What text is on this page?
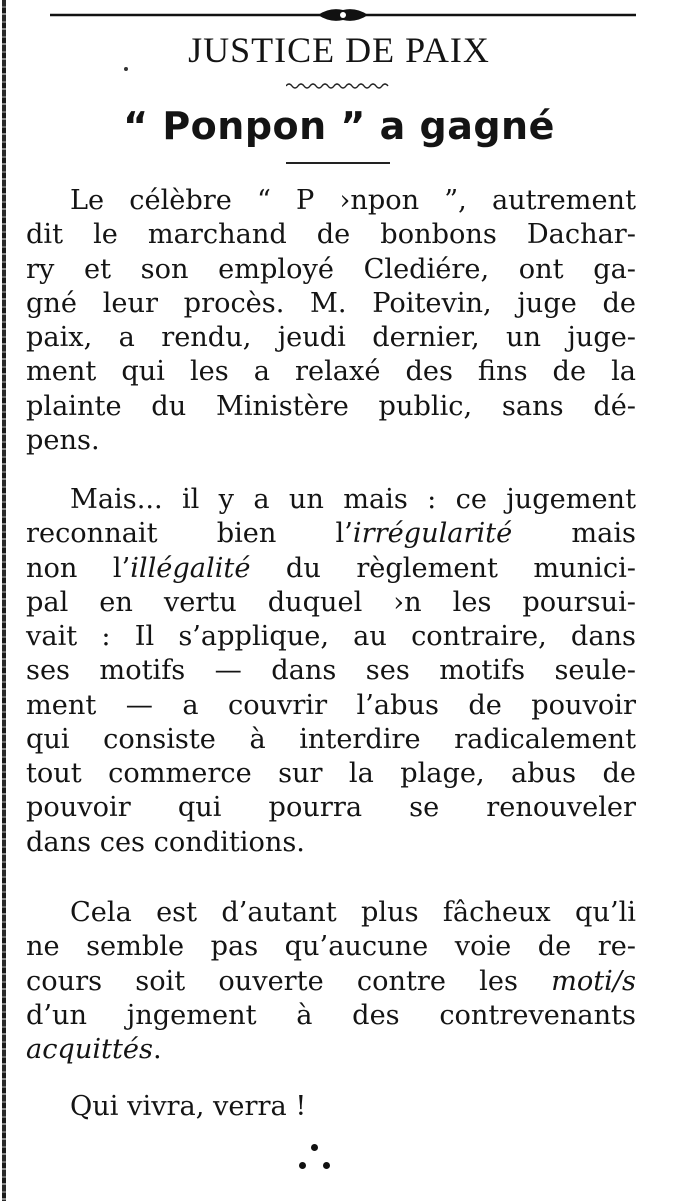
JUSTICE DE PAIX
“ Ponpon ” a gagné
Le célèbre “ P ›npon ”, autrement
dit le marchand de bonbons Dachar-
ry et son employé Clediére, ont ga-
gné leur procès. M. Poitevin, juge de
paix, a rendu, jeudi dernier, un juge-
ment qui les a relaxé des fins de la
plainte du Ministère public, sans dé-
pens.
Mais... il y a un mais : ce jugement
reconnait bien l’irrégularité mais
non l’illégalité du règlement munici-
pal en vertu duquel ›n les poursui-
vait : Il s’applique, au contraire, dans
ses motifs — dans ses motifs seule-
ment — a couvrir l’abus de pouvoir
qui consiste à interdire radicalement
tout commerce sur la plage, abus de
pouvoir qui pourra se renouveler
dans ces conditions.
Cela est d’autant plus fâcheux qu’li
ne semble pas qu’aucune voie de re-
cours soit ouverte contre les moti/s
d’un jngement à des contrevenants
acquittés.
Qui vivra, verra !
